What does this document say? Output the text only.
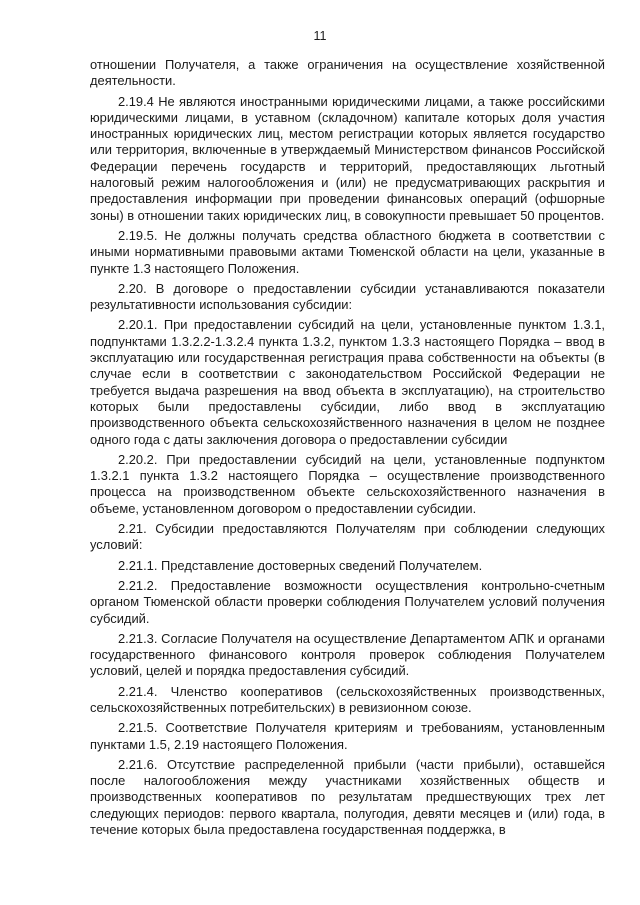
11

отношении Получателя, а также ограничения на осуществление хозяйственной деятельности.

2.19.4 Не являются иностранными юридическими лицами, а также российскими юридическими лицами, в уставном (складочном) капитале которых доля участия иностранных юридических лиц, местом регистрации которых является государство или территория, включенные в утверждаемый Министерством финансов Российской Федерации перечень государств и территорий, предоставляющих льготный налоговый режим налогообложения и (или) не предусматривающих раскрытия и предоставления информации при проведении финансовых операций (офшорные зоны) в отношении таких юридических лиц, в совокупности превышает 50 процентов.

2.19.5. Не должны получать средства областного бюджета в соответствии с иными нормативными правовыми актами Тюменской области на цели, указанные в пункте 1.3 настоящего Положения.

2.20. В договоре о предоставлении субсидии устанавливаются показатели результативности использования субсидии:

2.20.1. При предоставлении субсидий на цели, установленные пунктом 1.3.1, подпунктами 1.3.2.2-1.3.2.4 пункта 1.3.2, пунктом 1.3.3 настоящего Порядка – ввод в эксплуатацию или государственная регистрация права собственности на объекты (в случае если в соответствии с законодательством Российской Федерации не требуется выдача разрешения на ввод объекта в эксплуатацию), на строительство которых были предоставлены субсидии, либо ввод в эксплуатацию производственного объекта сельскохозяйственного назначения в целом не позднее одного года с даты заключения договора о предоставлении субсидии

2.20.2. При предоставлении субсидий на цели, установленные подпунктом 1.3.2.1 пункта 1.3.2 настоящего Порядка – осуществление производственного процесса на производственном объекте сельскохозяйственного назначения в объеме, установленном договором о предоставлении субсидии.

2.21. Субсидии предоставляются Получателям при соблюдении следующих условий:

2.21.1. Представление достоверных сведений Получателем.

2.21.2. Предоставление возможности осуществления контрольно-счетным органом Тюменской области проверки соблюдения Получателем условий получения субсидий.

2.21.3. Согласие Получателя на осуществление Департаментом АПК и органами государственного финансового контроля проверок соблюдения Получателем условий, целей и порядка предоставления субсидий.

2.21.4. Членство кооперативов (сельскохозяйственных производственных, сельскохозяйственных потребительских) в ревизионном союзе.

2.21.5. Соответствие Получателя критериям и требованиям, установленным пунктами 1.5, 2.19 настоящего Положения.

2.21.6. Отсутствие распределенной прибыли (части прибыли), оставшейся после налогообложения между участниками хозяйственных обществ и производственных кооперативов по результатам предшествующих трех лет следующих периодов: первого квартала, полугодия, девяти месяцев и (или) года, в течение которых была предоставлена государственная поддержка, в
